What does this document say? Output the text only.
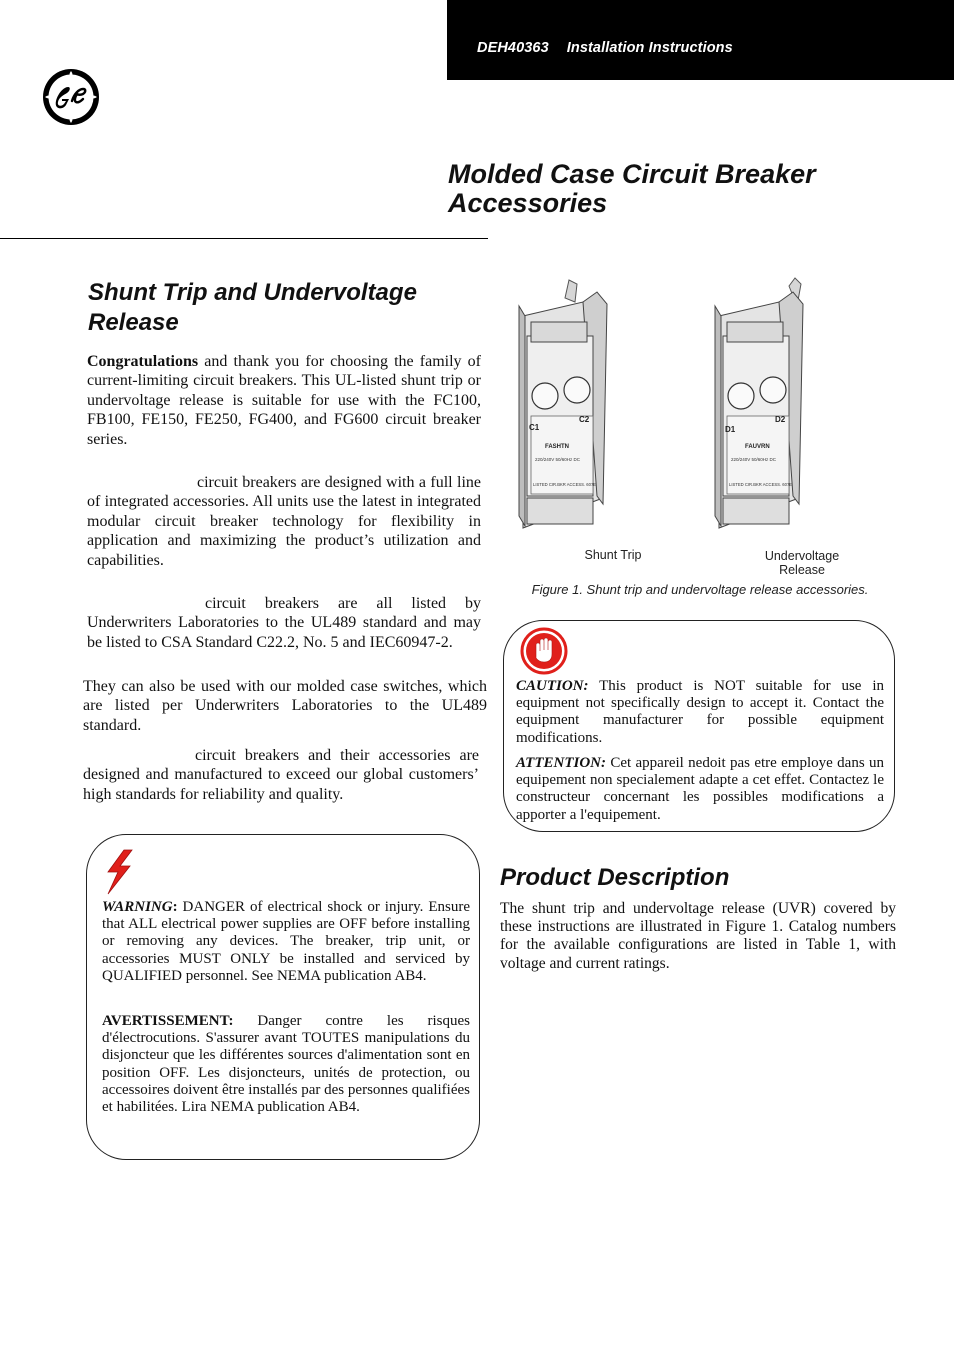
DEH40363 Installation Instructions
Molded Case Circuit Breaker Accessories
Shunt Trip and Undervoltage Release
Congratulations and thank you for choosing the family of current-limiting circuit breakers. This UL-listed shunt trip or undervoltage release is suitable for use with the FC100, FB100, FE150, FE250, FG400, and FG600 circuit breaker series.
circuit breakers are designed with a full line of integrated accessories. All units use the latest in integrated modular circuit breaker technology for flexibility in application and maximizing the product’s utilization and capabilities.
circuit breakers are all listed by Underwriters Laboratories to the UL489 standard and may be listed to CSA Standard C22.2, No. 5 and IEC60947-2.
They can also be used with our molded case switches, which are listed per Underwriters Laboratories to the UL489 standard.
circuit breakers and their accessories are designed and manufactured to exceed our global customers’ high standards for reliability and quality.
C1
C2
FASHTN
220/240V 50/60Hz DC
LISTED CIR.BKR ACCESS. 607E
D1
D2
FAUVRN
220/240V 50/60Hz DC
LISTED CIR.BKR ACCESS. 607E
Shunt Trip	Undervoltage
Release
Figure 1. Shunt trip and undervoltage release accessories.
CAUTION: This product is NOT suitable for use in equipment not specifically design to accept it. Contact the equipment manufacturer for possible equipment modifications.
ATTENTION: Cet appareil nedoit pas etre employe dans un equipement non specialement adapte a cet effet. Contactez le constructeur concernant les possibles modifications a apporter a l'equipement.
WARNING: DANGER of electrical shock or injury. Ensure that ALL electrical power supplies are OFF before installing or removing any devices. The breaker, trip unit, or accessories MUST ONLY be installed and serviced by QUALIFIED personnel. See NEMA publication AB4.
AVERTISSEMENT: Danger contre les risques d'électrocutions. S'assurer avant TOUTES manipulations du disjoncteur que les différentes sources d'alimentation sont en position OFF. Les disjoncteurs, unités de protection, ou accessoires doivent être installés par des personnes qualifiées et habilitées. Lira NEMA publication AB4.
Product Description
The shunt trip and undervoltage release (UVR) covered by these instructions are illustrated in Figure 1. Catalog numbers for the available configurations are listed in Table 1, with voltage and current ratings.
